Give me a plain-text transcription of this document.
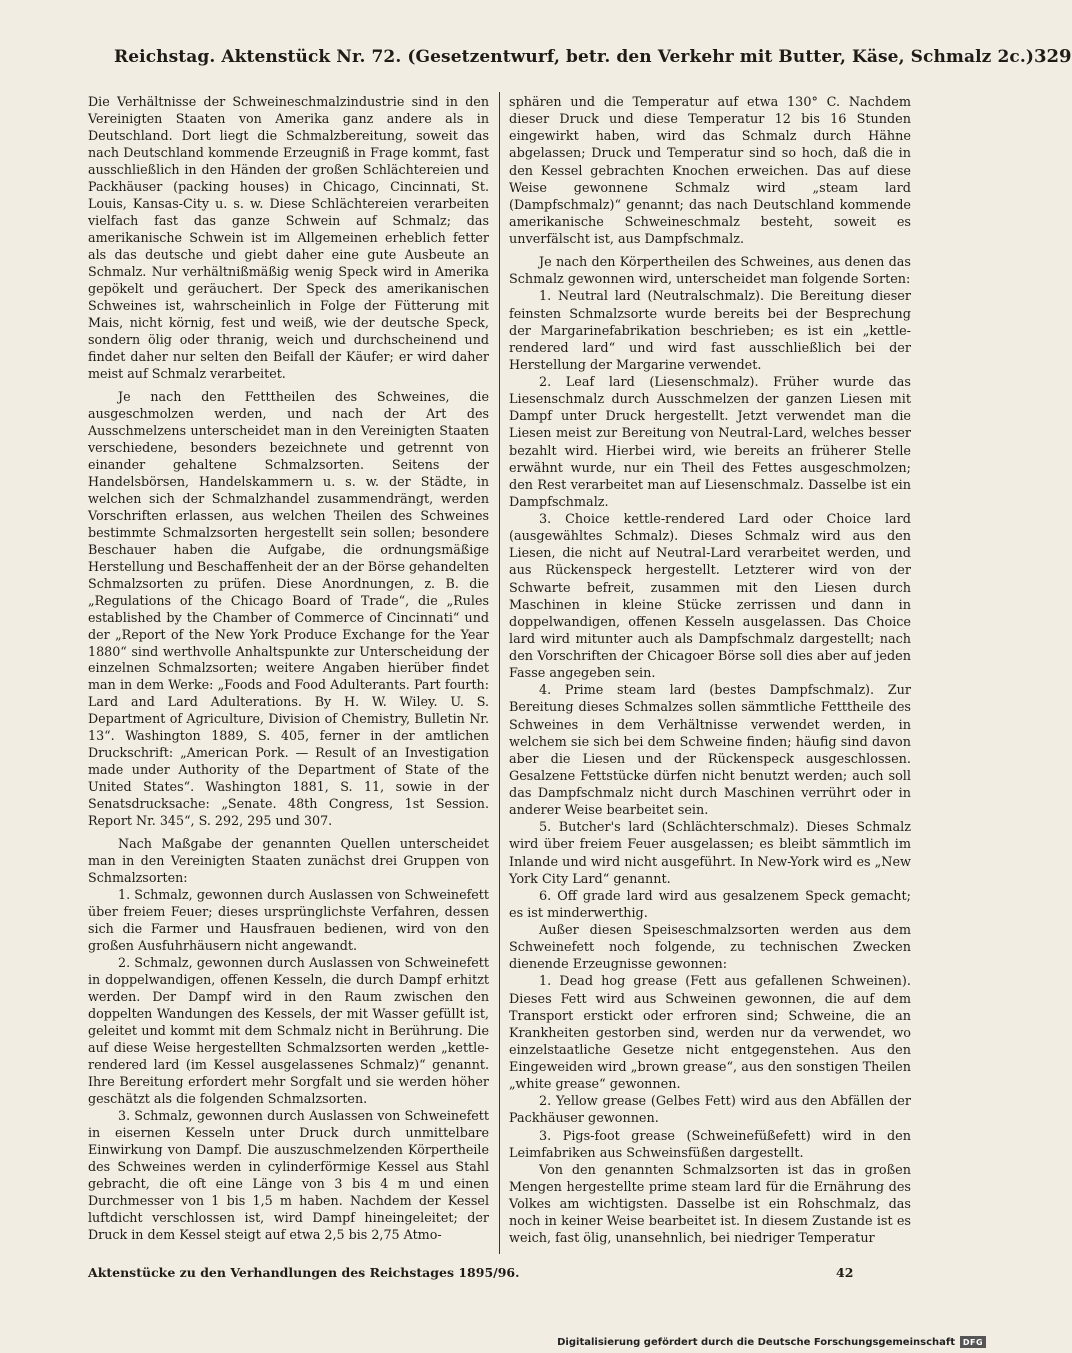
Reichstag. Aktenstück Nr. 72. (Gesetzentwurf, betr. den Verkehr mit Butter, Käse, Schmalz 2c.) 329

Die Verhältnisse der Schweineschmalzindustrie sind in den Vereinigten Staaten von Amerika ganz andere als in Deutschland. Dort liegt die Schmalzbereitung, soweit das nach Deutschland kommende Erzeugniß in Frage kommt, fast ausschließlich in den Händen der großen Schlächtereien und Packhäuser (packing houses) in Chicago, Cincinnati, St. Louis, Kansas-City u. s. w. Diese Schlächtereien verarbeiten vielfach fast das ganze Schwein auf Schmalz; das amerikanische Schwein ist im Allgemeinen erheblich fetter als das deutsche und giebt daher eine gute Ausbeute an Schmalz. Nur verhältnißmäßig wenig Speck wird in Amerika gepökelt und geräuchert. Der Speck des amerikanischen Schweines ist, wahrscheinlich in Folge der Fütterung mit Mais, nicht körnig, fest und weiß, wie der deutsche Speck, sondern ölig oder thranig, weich und durchscheinend und findet daher nur selten den Beifall der Käufer; er wird daher meist auf Schmalz verarbeitet.

Je nach den Fetttheilen des Schweines, die ausgeschmolzen werden, und nach der Art des Ausschmelzens unterscheidet man in den Vereinigten Staaten verschiedene, besonders bezeichnete und getrennt von einander gehaltene Schmalzsorten. Seitens der Handelsbörsen, Handelskammern u. s. w. der Städte, in welchen sich der Schmalzhandel zusammendrängt, werden Vorschriften erlassen, aus welchen Theilen des Schweines bestimmte Schmalzsorten hergestellt sein sollen; besondere Beschauer haben die Aufgabe, die ordnungsmäßige Herstellung und Beschaffenheit der an der Börse gehandelten Schmalzsorten zu prüfen. Diese Anordnungen, z. B. die „Regulations of the Chicago Board of Trade“, die „Rules established by the Chamber of Commerce of Cincinnati“ und der „Report of the New York Produce Exchange for the Year 1880“ sind werthvolle Anhaltspunkte zur Unterscheidung der einzelnen Schmalzsorten; weitere Angaben hierüber findet man in dem Werke: „Foods and Food Adulterants. Part fourth: Lard and Lard Adulterations. By H. W. Wiley. U. S. Department of Agriculture, Division of Chemistry, Bulletin Nr. 13“. Washington 1889, S. 405, ferner in der amtlichen Druckschrift: „American Pork. — Result of an Investigation made under Authority of the Department of State of the United States“. Washington 1881, S. 11, sowie in der Senatsdrucksache: „Senate. 48th Congress, 1st Session. Report Nr. 345“, S. 292, 295 und 307.

Nach Maßgabe der genannten Quellen unterscheidet man in den Vereinigten Staaten zunächst drei Gruppen von Schmalzsorten:

1. Schmalz, gewonnen durch Auslassen von Schweinefett über freiem Feuer; dieses ursprünglichste Verfahren, dessen sich die Farmer und Hausfrauen bedienen, wird von den großen Ausfuhrhäusern nicht angewandt.

2. Schmalz, gewonnen durch Auslassen von Schweinefett in doppelwandigen, offenen Kesseln, die durch Dampf erhitzt werden. Der Dampf wird in den Raum zwischen den doppelten Wandungen des Kessels, der mit Wasser gefüllt ist, geleitet und kommt mit dem Schmalz nicht in Berührung. Die auf diese Weise hergestellten Schmalzsorten werden „kettle-rendered lard (im Kessel ausgelassenes Schmalz)“ genannt. Ihre Bereitung erfordert mehr Sorgfalt und sie werden höher geschätzt als die folgenden Schmalzsorten.

3. Schmalz, gewonnen durch Auslassen von Schweinefett in eisernen Kesseln unter Druck durch unmittelbare Einwirkung von Dampf. Die auszuschmelzenden Körpertheile des Schweines werden in cylinderförmige Kessel aus Stahl gebracht, die oft eine Länge von 3 bis 4 m und einen Durchmesser von 1 bis 1,5 m haben. Nachdem der Kessel luftdicht verschlossen ist, wird Dampf hineingeleitet; der Druck in dem Kessel steigt auf etwa 2,5 bis 2,75 Atmo-

sphären und die Temperatur auf etwa 130° C. Nachdem dieser Druck und diese Temperatur 12 bis 16 Stunden eingewirkt haben, wird das Schmalz durch Hähne abgelassen; Druck und Temperatur sind so hoch, daß die in den Kessel gebrachten Knochen erweichen. Das auf diese Weise gewonnene Schmalz wird „steam lard (Dampfschmalz)“ genannt; das nach Deutschland kommende amerikanische Schweineschmalz besteht, soweit es unverfälscht ist, aus Dampfschmalz.

Je nach den Körpertheilen des Schweines, aus denen das Schmalz gewonnen wird, unterscheidet man folgende Sorten:

1. Neutral lard (Neutralschmalz). Die Bereitung dieser feinsten Schmalzsorte wurde bereits bei der Besprechung der Margarinefabrikation beschrieben; es ist ein „kettle-rendered lard“ und wird fast ausschließlich bei der Herstellung der Margarine verwendet.

2. Leaf lard (Liesenschmalz). Früher wurde das Liesenschmalz durch Ausschmelzen der ganzen Liesen mit Dampf unter Druck hergestellt. Jetzt verwendet man die Liesen meist zur Bereitung von Neutral-Lard, welches besser bezahlt wird. Hierbei wird, wie bereits an früherer Stelle erwähnt wurde, nur ein Theil des Fettes ausgeschmolzen; den Rest verarbeitet man auf Liesenschmalz. Dasselbe ist ein Dampfschmalz.

3. Choice kettle-rendered Lard oder Choice lard (ausgewähltes Schmalz). Dieses Schmalz wird aus den Liesen, die nicht auf Neutral-Lard verarbeitet werden, und aus Rückenspeck hergestellt. Letzterer wird von der Schwarte befreit, zusammen mit den Liesen durch Maschinen in kleine Stücke zerrissen und dann in doppelwandigen, offenen Kesseln ausgelassen. Das Choice lard wird mitunter auch als Dampfschmalz dargestellt; nach den Vorschriften der Chicagoer Börse soll dies aber auf jeden Fasse angegeben sein.

4. Prime steam lard (bestes Dampfschmalz). Zur Bereitung dieses Schmalzes sollen sämmtliche Fetttheile des Schweines in dem Verhältnisse verwendet werden, in welchem sie sich bei dem Schweine finden; häufig sind davon aber die Liesen und der Rückenspeck ausgeschlossen. Gesalzene Fettstücke dürfen nicht benutzt werden; auch soll das Dampfschmalz nicht durch Maschinen verrührt oder in anderer Weise bearbeitet sein.

5. Butcher's lard (Schlächterschmalz). Dieses Schmalz wird über freiem Feuer ausgelassen; es bleibt sämmtlich im Inlande und wird nicht ausgeführt. In New-York wird es „New York City Lard“ genannt.

6. Off grade lard wird aus gesalzenem Speck gemacht; es ist minderwerthig.

Außer diesen Speiseschmalzsorten werden aus dem Schweinefett noch folgende, zu technischen Zwecken dienende Erzeugnisse gewonnen:

1. Dead hog grease (Fett aus gefallenen Schweinen). Dieses Fett wird aus Schweinen gewonnen, die auf dem Transport erstickt oder erfroren sind; Schweine, die an Krankheiten gestorben sind, werden nur da verwendet, wo einzelstaatliche Gesetze nicht entgegenstehen. Aus den Eingeweiden wird „brown grease“, aus den sonstigen Theilen „white grease“ gewonnen.

2. Yellow grease (Gelbes Fett) wird aus den Abfällen der Packhäuser gewonnen.

3. Pigs-foot grease (Schweinefüßefett) wird in den Leimfabriken aus Schweinsfüßen dargestellt.

Von den genannten Schmalzsorten ist das in großen Mengen hergestellte prime steam lard für die Ernährung des Volkes am wichtigsten. Dasselbe ist ein Rohschmalz, das noch in keiner Weise bearbeitet ist. In diesem Zustande ist es weich, fast ölig, unansehnlich, bei niedriger Temperatur

Aktenstücke zu den Verhandlungen des Reichstages 1895/96.	42
Digitalisierung gefördert durch die Deutsche Forschungsgemeinschaft DFG
